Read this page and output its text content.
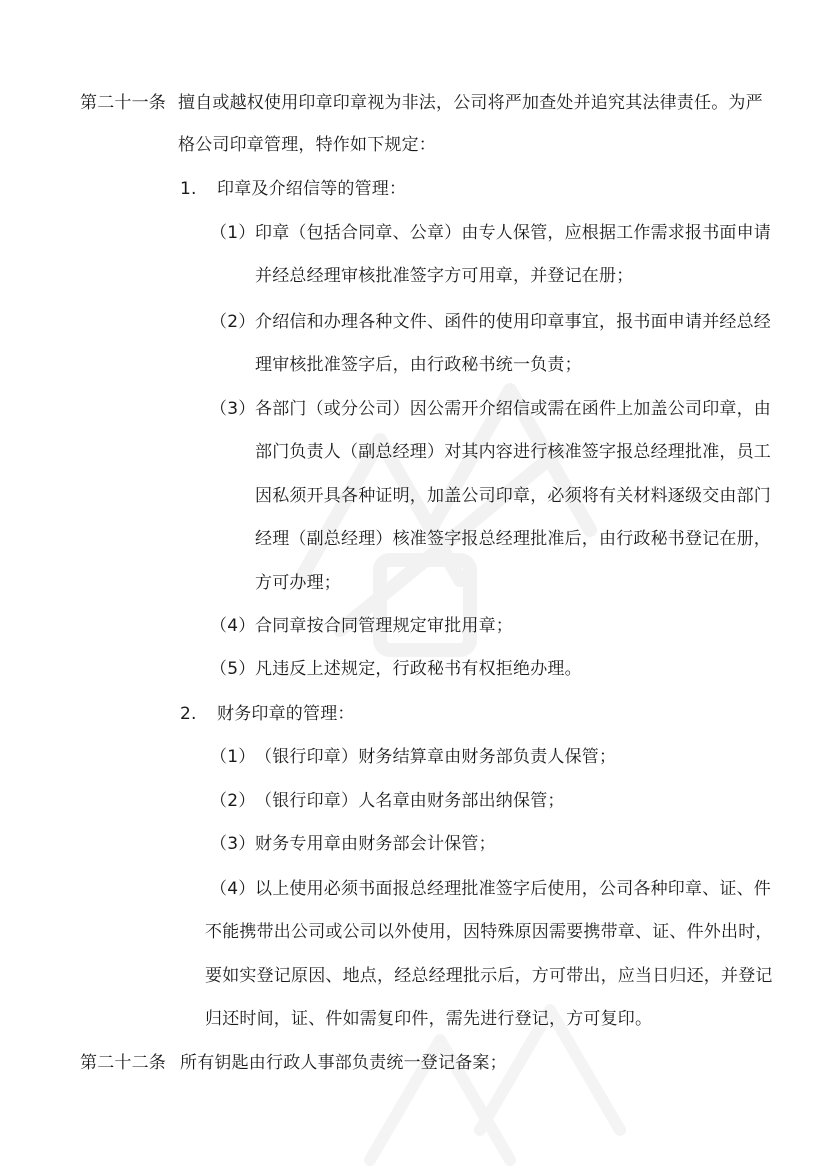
第二十一条 擅自或越权使用印章印章视为非法，公司将严加查处并追究其法律责任。为严
格公司印章管理，特作如下规定：
1. 印章及介绍信等的管理：
（1） 印章（包括合同章、公章）由专人保管，应根据工作需求报书面申请
并经总经理审核批准签字方可用章，并登记在册；
（2） 介绍信和办理各种文件、函件的使用印章事宜，报书面申请并经总经
理审核批准签字后，由行政秘书统一负责；
（3） 各部门（或分公司）因公需开介绍信或需在函件上加盖公司印章，由
部门负责人（副总经理）对其内容进行核准签字报总经理批准，员工
因私须开具各种证明，加盖公司印章，必须将有关材料逐级交由部门
经理（副总经理）核准签字报总经理批准后，由行政秘书登记在册，
方可办理；
（4） 合同章按合同管理规定审批用章；
（5） 凡违反上述规定，行政秘书有权拒绝办理。
2. 财务印章的管理：
（1） （银行印章）财务结算章由财务部负责人保管；
（2） （银行印章）人名章由财务部出纳保管；
（3） 财务专用章由财务部会计保管；
（4） 以上使用必须书面报总经理批准签字后使用，公司各种印章、证、件
不能携带出公司或公司以外使用，因特殊原因需要携带章、证、件外出时，
要如实登记原因、地点，经总经理批示后，方可带出，应当日归还，并登记
归还时间，证、件如需复印件，需先进行登记，方可复印。
第二十二条 所有钥匙由行政人事部负责统一登记备案；
